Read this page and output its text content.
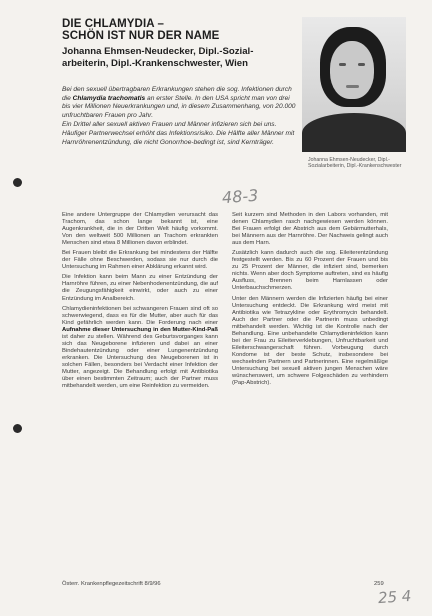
DIE CHLAMYDIA –
SCHÖN IST NUR DER NAME
Johanna Ehmsen-Neudecker, Dipl.-Sozial-
arbeiterin, Dipl.-Krankenschwester, Wien

Bei den sexuell übertragbaren Erkrankungen stehen die sog. Infektionen durch die Chlamydia trachomatis an erster Stelle. In den USA spricht man von drei bis vier Millionen Neuerkrankungen und, in diesem Zusammenhang, von 20.000 unfruchtbaren Frauen pro Jahr.

Ein Drittel aller sexuell aktiven Frauen und Männer infizieren sich bei uns. Häufiger Partnerwechsel erhöht das Infektionsrisiko. Die Hälfte aller Männer mit Harnröhrenentzündung, die nicht Gonorrhoe-bedingt ist, sind Kernträger.

Johanna Ehmsen-Neudecker, Dipl.-Sozialarbeiterin, Dipl.-Krankenschwester
48-3

Eine andere Untergruppe der Chlamydien verursacht das Trachom, das schon lange bekannt ist, eine Augenkrankheit, die in der Dritten Welt häufig vorkommt. Von den weltweit 500 Millionen an Trachom erkrankten Menschen sind etwa 8 Millionen davon erblindet.

Bei Frauen bleibt die Erkrankung bei mindestens der Hälfte der Fälle ohne Beschwerden, sodass sie nur durch die Untersuchung im Rahmen einer Abklärung erkannt wird.

Die Infektion kann beim Mann zu einer Entzündung der Harnröhre führen, zu einer Nebenhodenentzündung, die auf die Zeugungsfähigkeit einwirkt, oder auch zu einer Entzündung im Analbereich.

Chlamydieninfektionen bei schwangeren Frauen sind oft so schwerwiegend, dass es für die Mutter, aber auch für das Kind gefährlich werden kann. Die Forderung nach einer Aufnahme dieser Untersuchung in den Mutter-Kind-Paß ist daher zu stellen. Während des Geburtsvorganges kann sich das Neugeborene infizieren und dabei an einer Bindehautentzündung oder einer Lungenentzündung erkranken. Die Untersuchung des Neugeborenen ist in solchen Fällen, besonders bei Verdacht einer Infektion der Mutter, angezeigt. Die Behandlung erfolgt mit Antibiotika über einen bestimmten Zeitraum; auch der Partner muss mitbehandelt werden, um eine Reinfektion zu vermeiden.

Seit kurzem sind Methoden in den Labors vorhanden, mit denen Chlamydien rasch nachgewiesen werden können. Bei Frauen erfolgt der Abstrich aus dem Gebärmutterhals, bei Männern aus der Harnröhre. Der Nachweis gelingt auch aus dem Harn.

Zusätzlich kann dadurch auch die sog. Eileiterentzündung festgestellt werden. Bis zu 60 Prozent der Frauen und bis zu 25 Prozent der Männer, die infiziert sind, bemerken nichts. Wenn aber doch Symptome auftreten, sind es häufig Ausfluss, Brennen beim Harnlassen oder Unterbauchschmerzen.

Unter den Männern werden die Infizierten häufig bei einer Untersuchung entdeckt. Die Erkrankung wird meist mit Antibiotika wie Tetrazykline oder Erythromycin behandelt. Auch der Partner oder die Partnerin muss unbedingt mitbehandelt werden. Wichtig ist die Kontrolle nach der Behandlung. Eine unbehandelte Chlamydieninfektion kann bei der Frau zu Eileiterverklebungen, Unfruchtbarkeit und Eileiterschwangerschaft führen. Vorbeugung durch Kondome ist der beste Schutz, insbesondere bei wechselnden Partnern und Partnerinnen. Eine regelmäßige Untersuchung bei sexuell aktiven jungen Menschen wäre wünschenswert, um schwere Folgeschäden zu verhindern (Pap-Abstrich).

Österr. Krankenpflegezeitschrift 8/9/96	259
25 4
